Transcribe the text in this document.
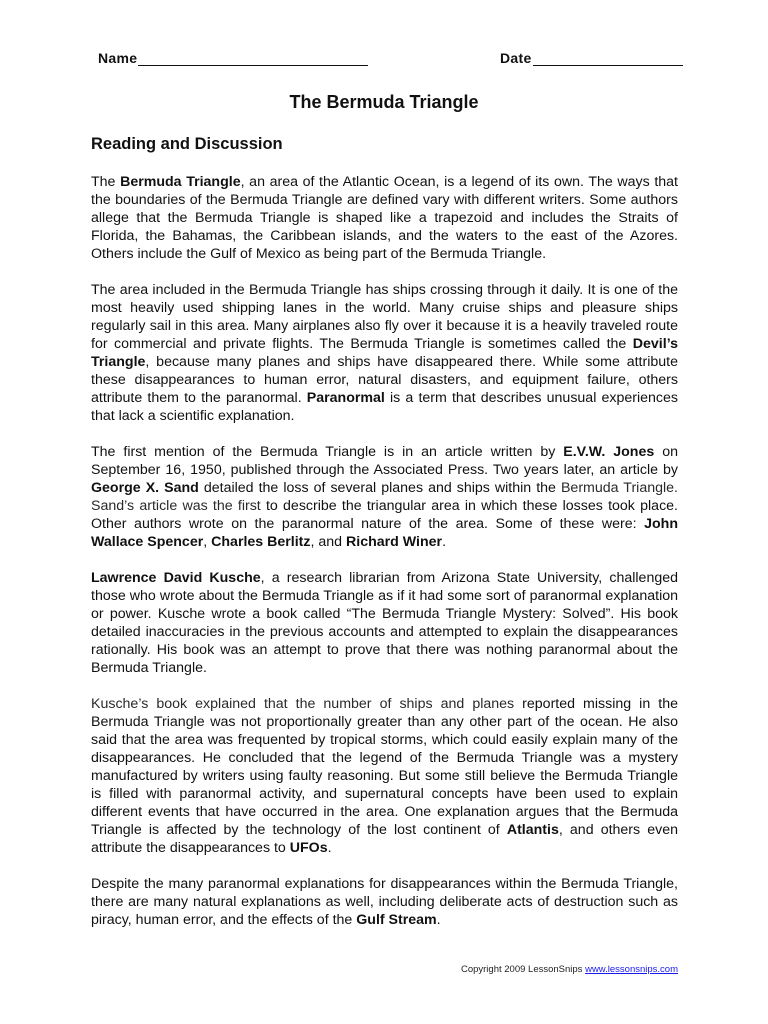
Name	Date
The Bermuda Triangle
Reading and Discussion

The Bermuda Triangle, an area of the Atlantic Ocean, is a legend of its own. The ways that the boundaries of the Bermuda Triangle are defined vary with different writers. Some authors allege that the Bermuda Triangle is shaped like a trapezoid and includes the Straits of Florida, the Bahamas, the Caribbean islands, and the waters to the east of the Azores. Others include the Gulf of Mexico as being part of the Bermuda Triangle.

The area included in the Bermuda Triangle has ships crossing through it daily. It is one of the most heavily used shipping lanes in the world. Many cruise ships and pleasure ships regularly sail in this area. Many airplanes also fly over it because it is a heavily traveled route for commercial and private flights. The Bermuda Triangle is sometimes called the Devil’s Triangle, because many planes and ships have disappeared there. While some attribute these disappearances to human error, natural disasters, and equipment failure, others attribute them to the paranormal. Paranormal is a term that describes unusual experiences that lack a scientific explanation.

The first mention of the Bermuda Triangle is in an article written by E.V.W. Jones on September 16, 1950, published through the Associated Press. Two years later, an article by George X. Sand detailed the loss of several planes and ships within the Bermuda Triangle. Sand’s article was the first to describe the triangular area in which these losses took place. Other authors wrote on the paranormal nature of the area. Some of these were: John Wallace Spencer, Charles Berlitz, and Richard Winer.

Lawrence David Kusche, a research librarian from Arizona State University, challenged those who wrote about the Bermuda Triangle as if it had some sort of paranormal explanation or power. Kusche wrote a book called “The Bermuda Triangle Mystery: Solved”. His book detailed inaccuracies in the previous accounts and attempted to explain the disappearances rationally. His book was an attempt to prove that there was nothing paranormal about the Bermuda Triangle.

Kusche’s book explained that the number of ships and planes reported missing in the Bermuda Triangle was not proportionally greater than any other part of the ocean. He also said that the area was frequented by tropical storms, which could easily explain many of the disappearances. He concluded that the legend of the Bermuda Triangle was a mystery manufactured by writers using faulty reasoning. But some still believe the Bermuda Triangle is filled with paranormal activity, and supernatural concepts have been used to explain different events that have occurred in the area. One explanation argues that the Bermuda Triangle is affected by the technology of the lost continent of Atlantis, and others even attribute the disappearances to UFOs.

Despite the many paranormal explanations for disappearances within the Bermuda Triangle, there are many natural explanations as well, including deliberate acts of destruction such as piracy, human error, and the effects of the Gulf Stream.

Copyright 2009 LessonSnips www.lessonsnips.com
